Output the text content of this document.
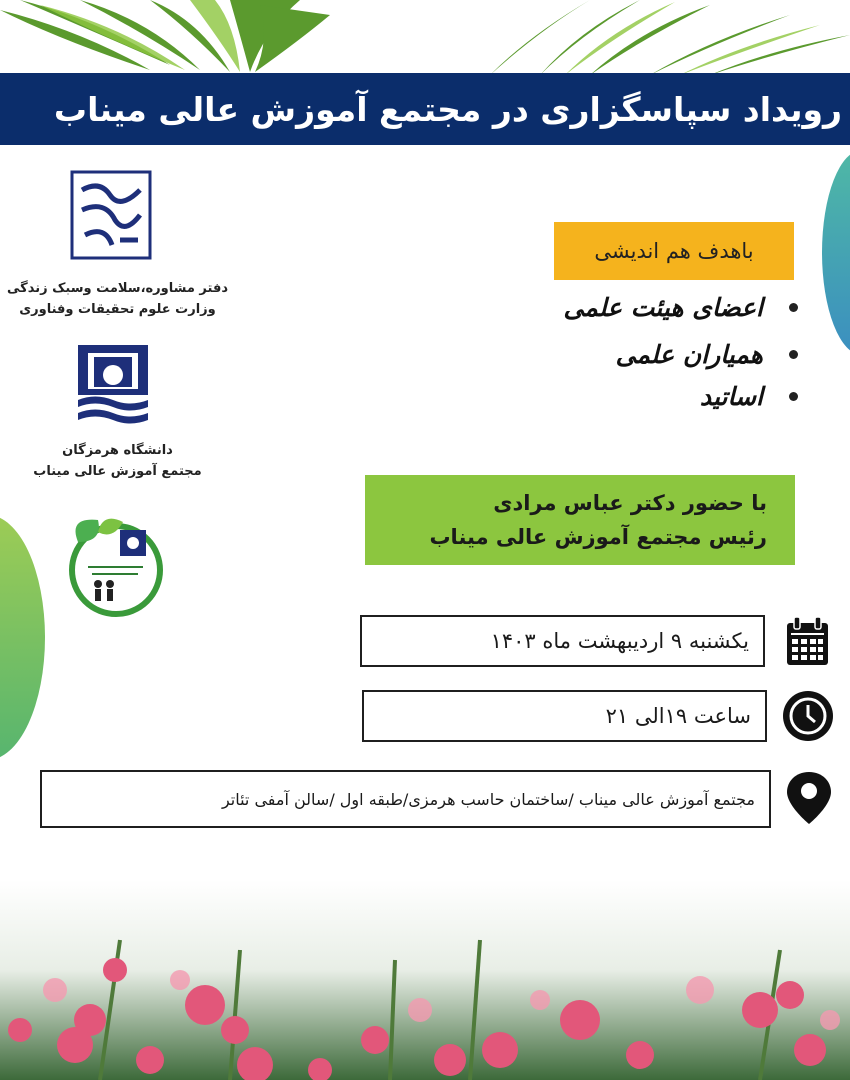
رویداد سپاسگزاری در مجتمع آموزش عالی میناب
دفتر مشاوره،سلامت وسبک زندگی
وزارت علوم تحقیقات وفناوری
دانشگاه هرمزگان
مجتمع آموزش عالی میناب
باهدف هم اندیشی
اعضای هیئت علمی
همیاران علمی
اساتید
با حضور دکتر عباس مرادی
رئیس مجتمع آموزش عالی میناب
یکشنبه ۹ اردیبهشت ماه ۱۴۰۳
ساعت ۱۹الی ۲۱
مجتمع آموزش عالی میناب /ساختمان حاسب هرمزی/طبقه اول /سالن آمفی تئاتر
